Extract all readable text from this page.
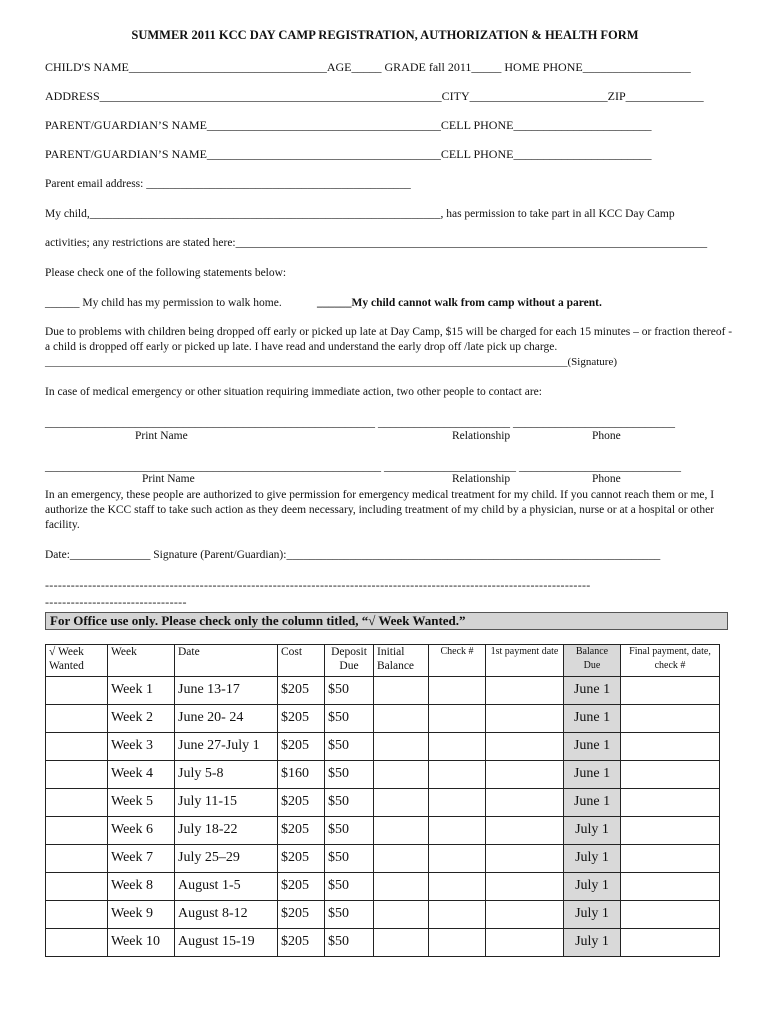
SUMMER 2011 KCC DAY CAMP REGISTRATION, AUTHORIZATION & HEALTH FORM
CHILD'S NAME_________________________________AGE_____ GRADE fall 2011_____ HOME PHONE__________________
ADDRESS_________________________________________________________CITY_______________________ZIP_____________
PARENT/GUARDIAN’S NAME_______________________________________CELL PHONE_______________________
PARENT/GUARDIAN’S NAME_______________________________________CELL PHONE_______________________
Parent email address: ______________________________________________
My child,_____________________________________________________________, has permission to take part in all KCC Day Camp
activities; any restrictions are stated here:__________________________________________________________________________________
Please check one of the following statements below:
______ My child has my permission to walk home.	______My child cannot walk from camp without a parent.
Due to problems with children being dropped off early or picked up late at Day Camp, $15 will be charged for each 15 minutes – or fraction thereof - a child is dropped off early or picked up late. I have read and understand the early drop off /late pick up charge.
_______________________________________________________________________________________________(Signature)
In case of medical emergency or other situation requiring immediate action, two other people to contact are:
_______________________________________________________ ______________________ ___________________________
Print Name	Relationship	Phone
________________________________________________________ ______________________ ___________________________
Print Name	Relationship	Phone
In an emergency, these people are authorized to give permission for emergency medical treatment for my child. If you cannot reach them or me, I authorize the KCC staff to take such action as they deem necessary, including treatment of my child by a physician, nurse or at a hospital or other facility.
Date:______________ Signature (Parent/Guardian):_________________________________________________________________
-------------------------------------------------------------------------------------------------------------------------------
---------------------------------
For Office use only. Please check only the column titled, “√ Week Wanted.”
√ Week Wanted	Week	Date	Cost	Deposit Due	Initial Balance	Check #	1st payment date	Balance Due	Final payment, date, check #
	Week 1	June 13-17	$205	$50				June 1	
	Week 2	June 20- 24	$205	$50				June 1	
	Week 3	June 27-July 1	$205	$50				June 1	
	Week 4	July 5-8	$160	$50				June 1	
	Week 5	July 11-15	$205	$50				June 1	
	Week 6	July 18-22	$205	$50				July 1	
	Week 7	July 25–29	$205	$50				July 1	
	Week 8	August 1-5	$205	$50				July 1	
	Week 9	August 8-12	$205	$50				July 1	
	Week 10	August 15-19	$205	$50				July 1	
